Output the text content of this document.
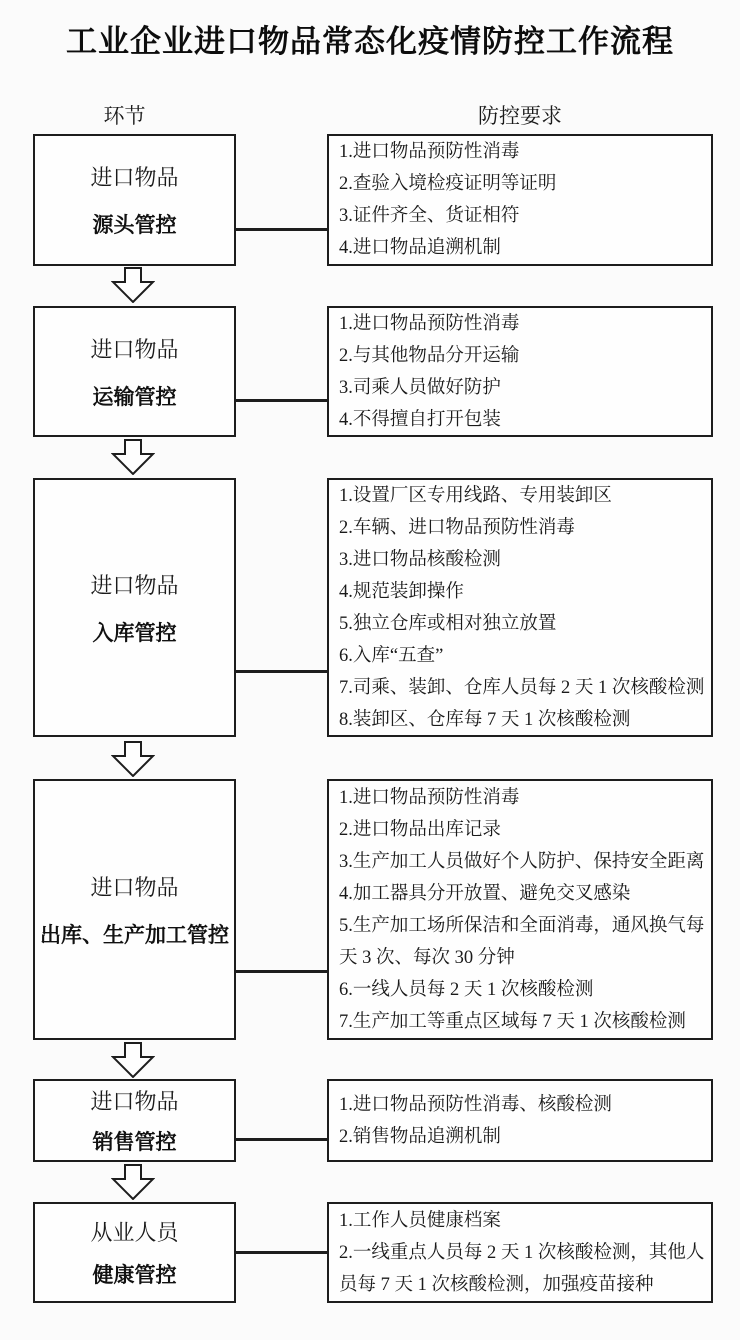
工业企业进口物品常态化疫情防控工作流程
环节	防控要求
进口物品
源头管控
1.进口物品预防性消毒
2.查验入境检疫证明等证明
3.证件齐全、货证相符
4.进口物品追溯机制
进口物品
运输管控
1.进口物品预防性消毒
2.与其他物品分开运输
3.司乘人员做好防护
4.不得擅自打开包装
进口物品
入库管控
1.设置厂区专用线路、专用装卸区
2.车辆、进口物品预防性消毒
3.进口物品核酸检测
4.规范装卸操作
5.独立仓库或相对独立放置
6.入库“五查”
7.司乘、装卸、仓库人员每 2 天 1 次核酸检测
8.装卸区、仓库每 7 天 1 次核酸检测
进口物品
出库、生产加工管控
1.进口物品预防性消毒
2.进口物品出库记录
3.生产加工人员做好个人防护、保持安全距离
4.加工器具分开放置、避免交叉感染
5.生产加工场所保洁和全面消毒，通风换气每天 3 次、每次 30 分钟
6.一线人员每 2 天 1 次核酸检测
7.生产加工等重点区域每 7 天 1 次核酸检测
进口物品
销售管控
1.进口物品预防性消毒、核酸检测
2.销售物品追溯机制
从业人员
健康管控
1.工作人员健康档案
2.一线重点人员每 2 天 1 次核酸检测，其他人员每 7 天 1 次核酸检测，加强疫苗接种
